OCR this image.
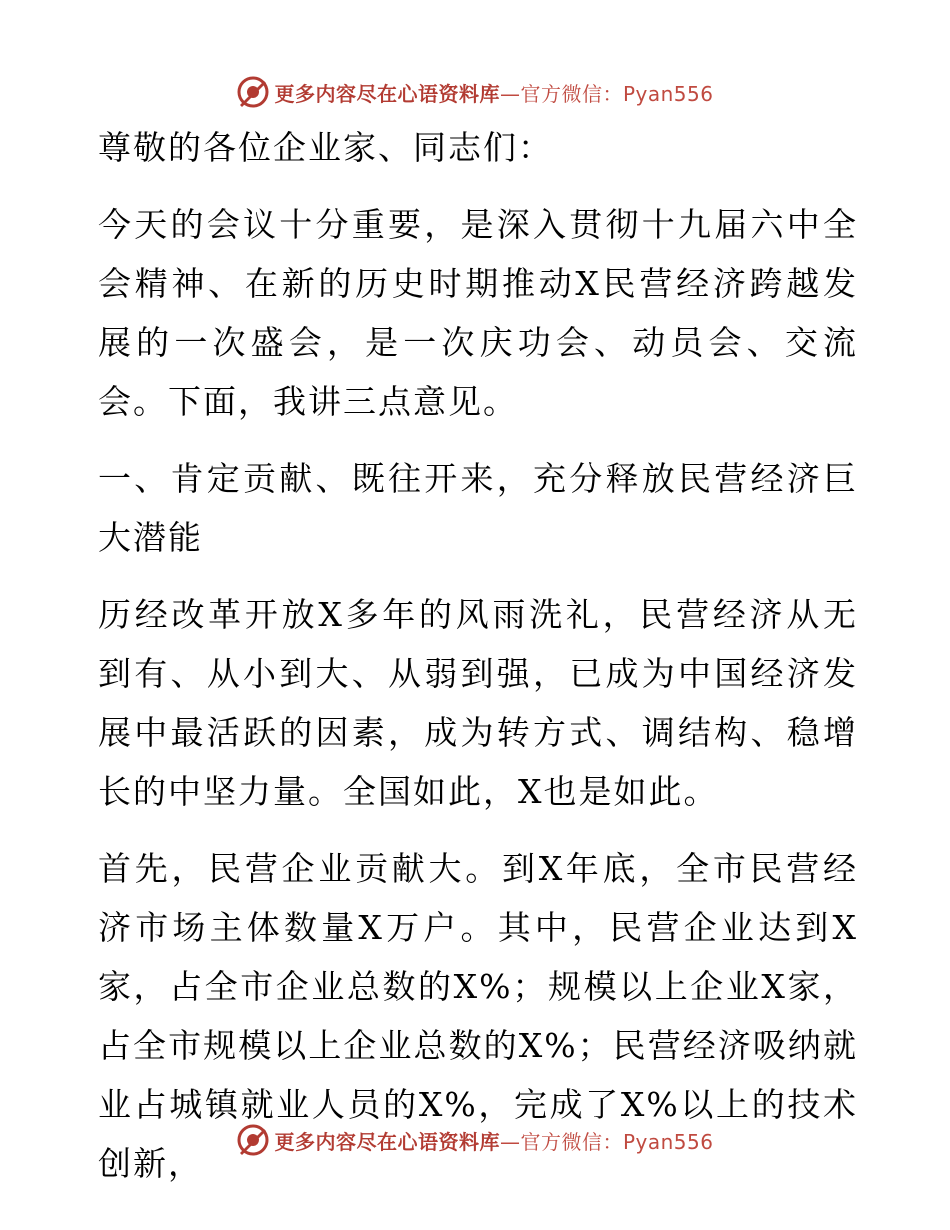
更多内容尽在心语资料库—官方微信：Pyan556

尊敬的各位企业家、同志们：

今天的会议十分重要，是深入贯彻十九届六中全会精神、在新的历史时期推动X民营经济跨越发展的一次盛会，是一次庆功会、动员会、交流会。下面，我讲三点意见。

一、肯定贡献、既往开来，充分释放民营经济巨大潜能

历经改革开放X多年的风雨洗礼，民营经济从无到有、从小到大、从弱到强，已成为中国经济发展中最活跃的因素，成为转方式、调结构、稳增长的中坚力量。全国如此，X也是如此。

首先，民营企业贡献大。到X年底，全市民营经济市场主体数量X万户。其中，民营企业达到X家，占全市企业总数的X%；规模以上企业X家，占全市规模以上企业总数的X%；民营经济吸纳就业占城镇就业人员的X%，完成了X%以上的技术创新，

更多内容尽在心语资料库—官方微信：Pyan556
